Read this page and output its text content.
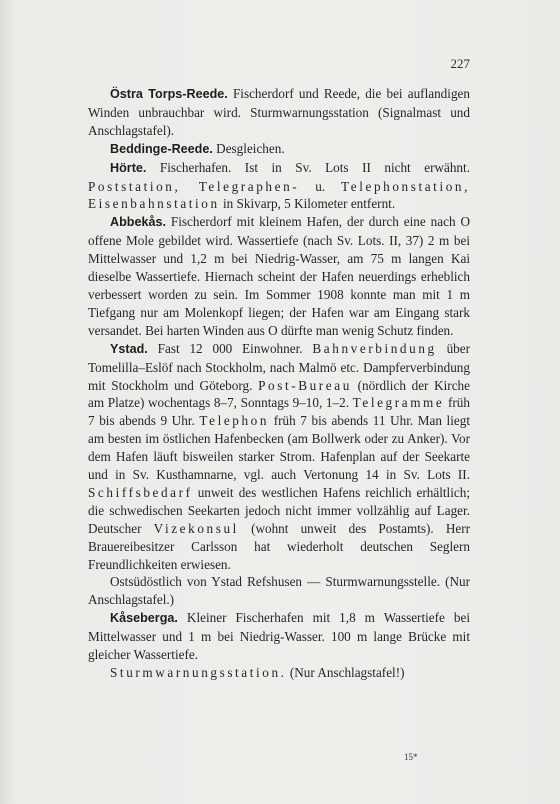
227

Östra Torps-Reede. Fischerdorf und Reede, die bei auflandigen Winden unbrauchbar wird. Sturmwarnungsstation (Signalmast und Anschlagstafel).

Beddinge-Reede. Desgleichen.

Hörte. Fischerhafen. Ist in Sv. Lots II nicht erwähnt. Poststation, Telegraphen- u. Telephonstation, Eisenbahnstation in Skivarp, 5 Kilometer entfernt.

Abbekås. Fischerdorf mit kleinem Hafen, der durch eine nach O offene Mole gebildet wird. Wassertiefe (nach Sv. Lots. II, 37) 2 m bei Mittelwasser und 1,2 m bei Niedrig-Wasser, am 75 m langen Kai dieselbe Wassertiefe. Hiernach scheint der Hafen neuerdings erheblich verbessert worden zu sein. Im Sommer 1908 konnte man mit 1 m Tiefgang nur am Molenkopf liegen; der Hafen war am Eingang stark versandet. Bei harten Winden aus O dürfte man wenig Schutz finden.

Ystad. Fast 12 000 Einwohner. Bahnverbindung über Tomelilla–Eslöf nach Stockholm, nach Malmö etc. Dampferverbindung mit Stockholm und Göteborg. Post-Bureau (nördlich der Kirche am Platze) wochentags 8–7, Sonntags 9–10, 1–2. Telegramme früh 7 bis abends 9 Uhr. Telephon früh 7 bis abends 11 Uhr. Man liegt am besten im östlichen Hafenbecken (am Bollwerk oder zu Anker). Vor dem Hafen läuft bisweilen starker Strom. Hafenplan auf der Seekarte und in Sv. Kusthamnarne, vgl. auch Vertonung 14 in Sv. Lots II. Schiffsbedarf unweit des westlichen Hafens reichlich erhältlich; die schwedischen Seekarten jedoch nicht immer vollzählig auf Lager. Deutscher Vizekonsul (wohnt unweit des Postamts). Herr Brauereibesitzer Carlsson hat wiederholt deutschen Seglern Freundlichkeiten erwiesen.

Ostsüdöstlich von Ystad Refshusen — Sturmwarnungsstelle. (Nur Anschlagstafel.)

Kåseberga. Kleiner Fischerhafen mit 1,8 m Wassertiefe bei Mittelwasser und 1 m bei Niedrig-Wasser. 100 m lange Brücke mit gleicher Wassertiefe.

Sturmwarnungsstation. (Nur Anschlagstafel!)

15*
